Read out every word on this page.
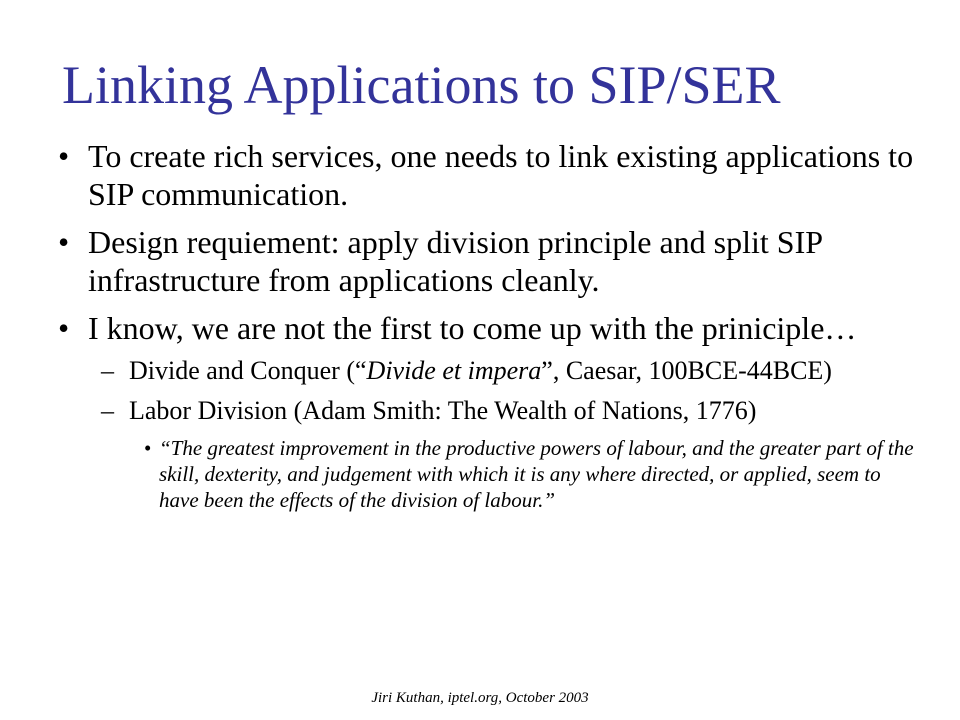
Linking Applications to SIP/SER
• To create rich services, one needs to link existing applications to SIP communication.
• Design requiement: apply division principle and split SIP infrastructure from applications cleanly.
• I know, we are not the first to come up with the priniciple…
– Divide and Conquer (“Divide et impera”, Caesar, 100BCE-44BCE)
– Labor Division (Adam Smith: The Wealth of Nations, 1776)
• “The greatest improvement in the productive powers of labour, and the greater part of the skill, dexterity, and judgement with which it is any where directed, or applied, seem to have been the effects of the division of labour.”
Jiri Kuthan, iptel.org, October 2003
